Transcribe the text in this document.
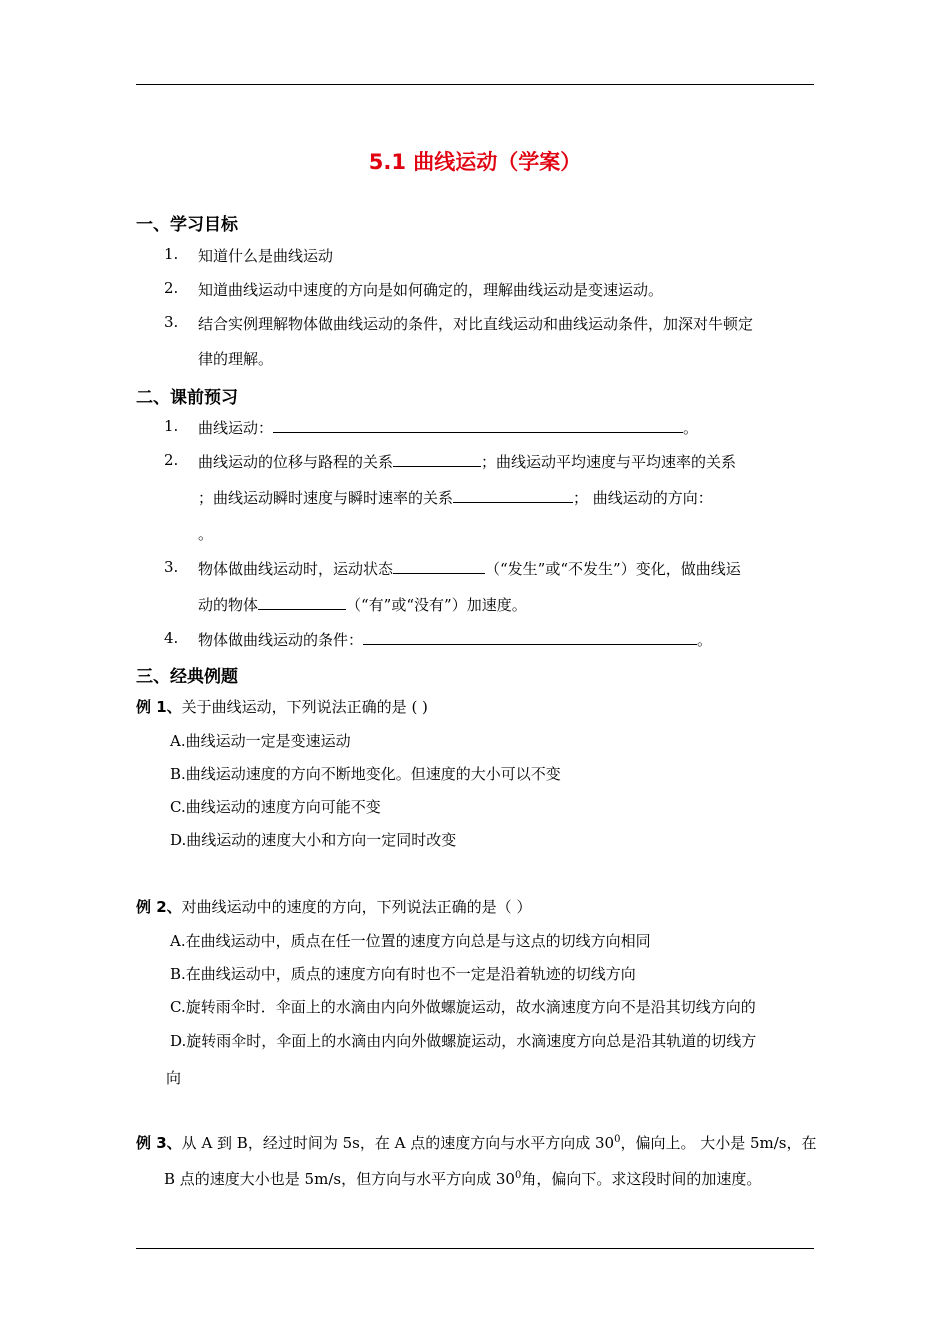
5.1 曲线运动（学案）
一、学习目标
1. 知道什么是曲线运动
2. 知道曲线运动中速度的方向是如何确定的，理解曲线运动是变速运动。
3. 结合实例理解物体做曲线运动的条件，对比直线运动和曲线运动条件，加深对牛顿定
律的理解。
二、课前预习
1. 曲线运动：	。
2. 曲线运动的位移与路程的关系	；曲线运动平均速度与平均速率的关系
；曲线运动瞬时速度与瞬时速率的关系	； 曲线运动的方向：
。
3. 物体做曲线运动时，运动状态	（“发生”或“不发生”）变化，做曲线运
动的物体	（“有”或“没有”）加速度。
4. 物体做曲线运动的条件：	。
三、经典例题
例 1、关于曲线运动，下列说法正确的是 ( )
A.曲线运动一定是变速运动
B.曲线运动速度的方向不断地变化。但速度的大小可以不变
C.曲线运动的速度方向可能不变
D.曲线运动的速度大小和方向一定同时改变
例 2、对曲线运动中的速度的方向，下列说法正确的是（ ）
A.在曲线运动中，质点在任一位置的速度方向总是与这点的切线方向相同
B.在曲线运动中，质点的速度方向有时也不一定是沿着轨迹的切线方向
C.旋转雨伞时．伞面上的水滴由内向外做螺旋运动，故水滴速度方向不是沿其切线方向的
D.旋转雨伞时，伞面上的水滴由内向外做螺旋运动，水滴速度方向总是沿其轨道的切线方
向
例 3、从 A 到 B，经过时间为 5s，在 A 点的速度方向与水平方向成 $30^0$，偏向上。 大小是 5m/s，在
B 点的速度大小也是 5m/s，但方向与水平方向成 $30^0$角，偏向下。求这段时间的加速度。
